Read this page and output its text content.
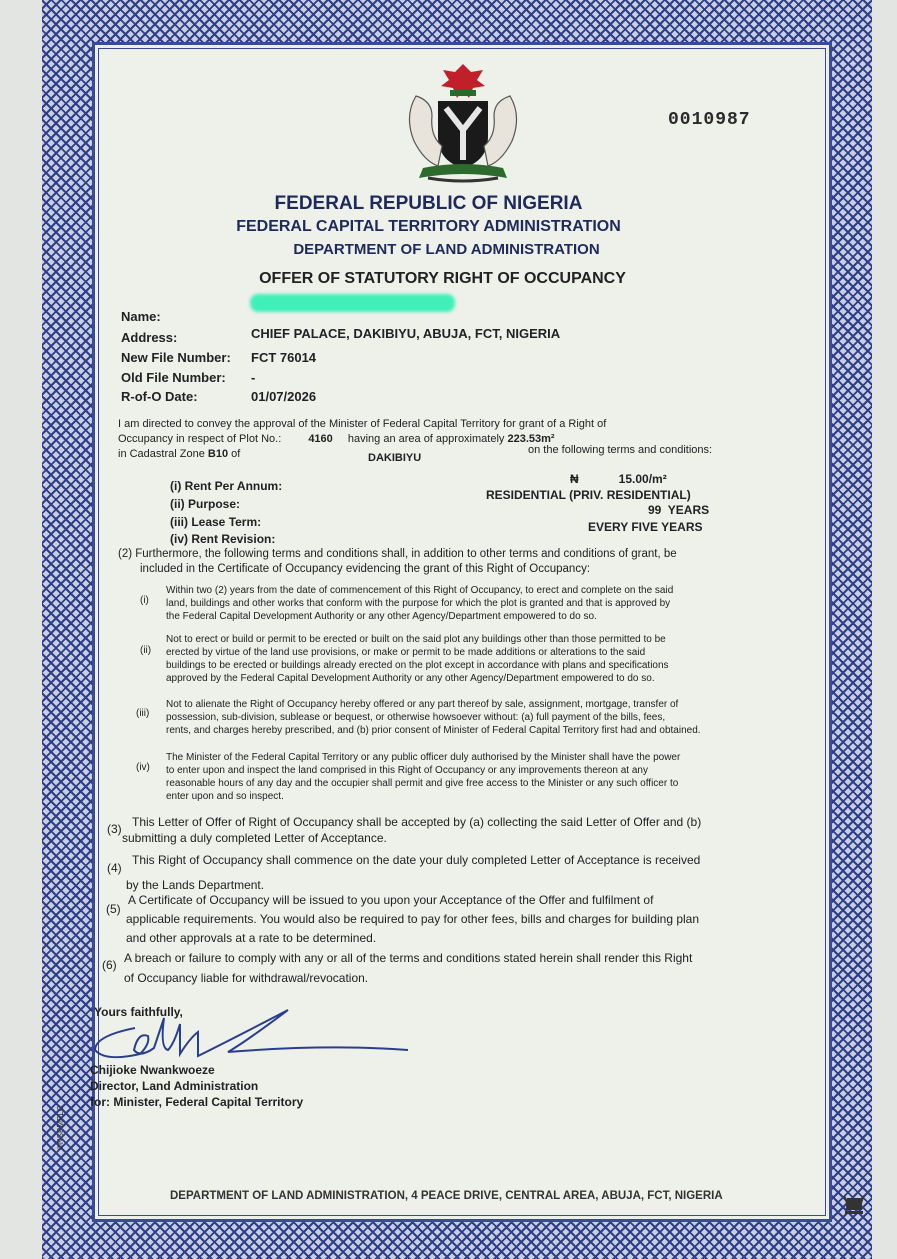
0010987
FEDERAL REPUBLIC OF NIGERIA
FEDERAL CAPITAL TERRITORY ADMINISTRATION
DEPARTMENT OF LAND ADMINISTRATION
OFFER OF STATUTORY RIGHT OF OCCUPANCY
Name:
Address:	CHIEF PALACE, DAKIBIYU, ABUJA, FCT, NIGERIA
New File Number: FCT 76014
Old File Number: -
R-of-O Date:	01/07/2026
I am directed to convey the approval of the Minister of Federal Capital Territory for grant of a Right of
Occupancy in respect of Plot No.: 4160 having an area of approximately 223.53m²
in Cadastral Zone B10 of	DAKIBIYU
on the following terms and conditions:
(i) Rent Per Annum:	₦            15.00/m²
(ii) Purpose:
RESIDENTIAL (PRIV. RESIDENTIAL)
(iii) Lease Term:
99  YEARS
(iv) Rent Revision:
EVERY FIVE YEARS
(2) Furthermore, the following terms and conditions shall, in addition to other terms and conditions of grant, be
included in the Certificate of Occupancy evidencing the grant of this Right of Occupancy:
(i)
Within two (2) years from the date of commencement of this Right of Occupancy, to erect and complete on the said
land, buildings and other works that conform with the purpose for which the plot is granted and that is approved by
the Federal Capital Development Authority or any other Agency/Department empowered to do so.
(ii)
Not to erect or build or permit to be erected or built on the said plot any buildings other than those permitted to be
erected by virtue of the land use provisions, or make or permit to be made additions or alterations to the said
buildings to be erected or buildings already erected on the plot except in accordance with plans and specifications
approved by the Federal Capital Development Authority or any other Agency/Department empowered to do so.
(iii)
Not to alienate the Right of Occupancy hereby offered or any part thereof by sale, assignment, mortgage, transfer of
possession, sub-division, sublease or bequest, or otherwise howsoever without: (a) full payment of the bills, fees,
rents, and charges hereby prescribed, and (b) prior consent of Minister of Federal Capital Territory first had and obtained.
(iv)
The Minister of the Federal Capital Territory or any public officer duly authorised by the Minister shall have the power
to enter upon and inspect the land comprised in this Right of Occupancy or any improvements thereon at any
reasonable hours of any day and the occupier shall permit and give free access to the Minister or any such officer to
enter upon and so inspect.
(3) This Letter of Offer of Right of Occupancy shall be accepted by (a) collecting the said Letter of Offer and (b)
submitting a duly completed Letter of Acceptance.
(4)
This Right of Occupancy shall commence on the date your duly completed Letter of Acceptance is received
by the Lands Department.
(5)
A Certificate of Occupancy will be issued to you upon your Acceptance of the Offer and fulfilment of
applicable requirements. You would also be required to pay for other fees, bills and charges for building plan
and other approvals at a rate to be determined.
(6) A breach or failure to comply with any or all of the terms and conditions stated herein shall render this Right
of Occupancy liable for withdrawal/revocation.
Yours faithfully,
Chijioke Nwankwoeze
Director, Land Administration
for: Minister, Federal Capital Territory
©NSPMPLC
DEPARTMENT OF LAND ADMINISTRATION, 4 PEACE DRIVE, CENTRAL AREA, ABUJA, FCT, NIGERIA
